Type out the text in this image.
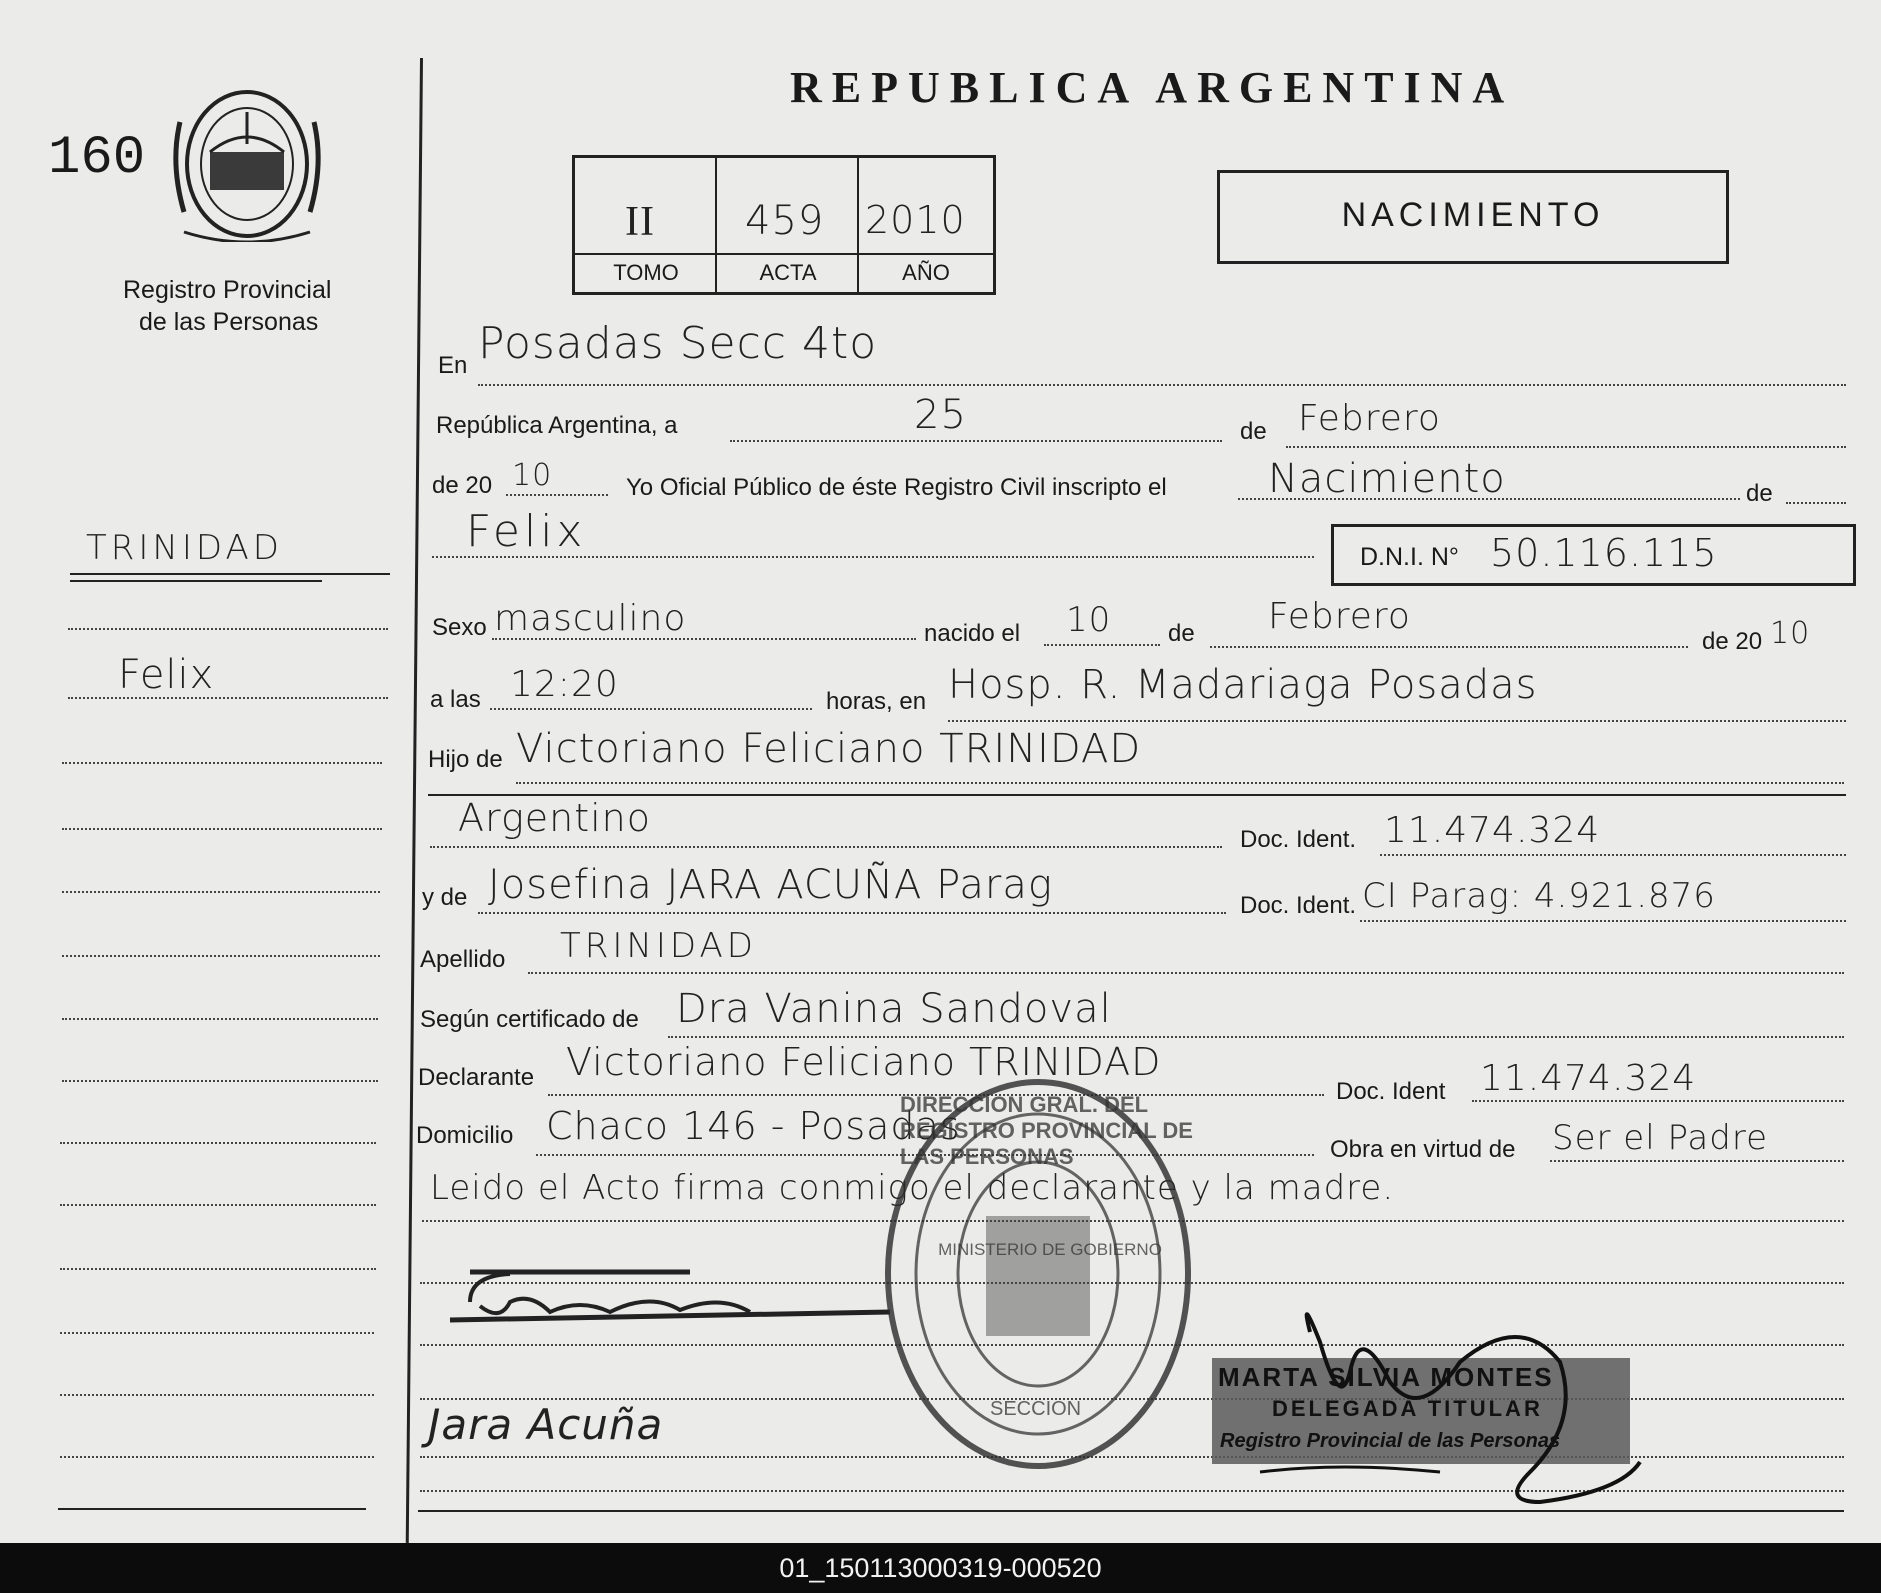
160
Registro Provincial
de las Personas
TRINIDAD
Felix
REPUBLICA ARGENTINA
II 459 2010
TOMO	ACTA	AÑO
NACIMIENTO
En Posadas Secc 4to
República Argentina, a	25	de Febrero
de 20 10	Yo Oficial Público de éste Registro Civil inscripto el	Nacimiento	de
Felix	D.N.I. N° 50.116.115
Sexo masculino	nacido el 10 de Febrero
de 20 10
a las 12:20	horas, en Hosp. R. Madariaga Posadas
Hijo de Victoriano Feliciano TRINIDAD
Argentino	Doc. Ident. 11.474.324
y de Josefina JARA ACUÑA Parag	Doc. Ident. CI Parag: 4.921.876
Apellido TRINIDAD
Según certificado de Dra Vanina Sandoval
Declarante Victoriano Feliciano TRINIDAD
Doc. Ident 11.474.324
Domicilio Chaco 146 - Posadas
Obra en virtud de Ser el Padre
Leido el Acto firma conmigo el declarante y la madre.
Jara Acuña
DIRECCION GRAL. DEL REGISTRO PROVINCIAL DE LAS PERSONAS
MINISTERIO DE GOBIERNO
SECCION
MARTA SILVIA MONTES
DELEGADA TITULAR
Registro Provincial de las Personas
01_150113000319-000520
